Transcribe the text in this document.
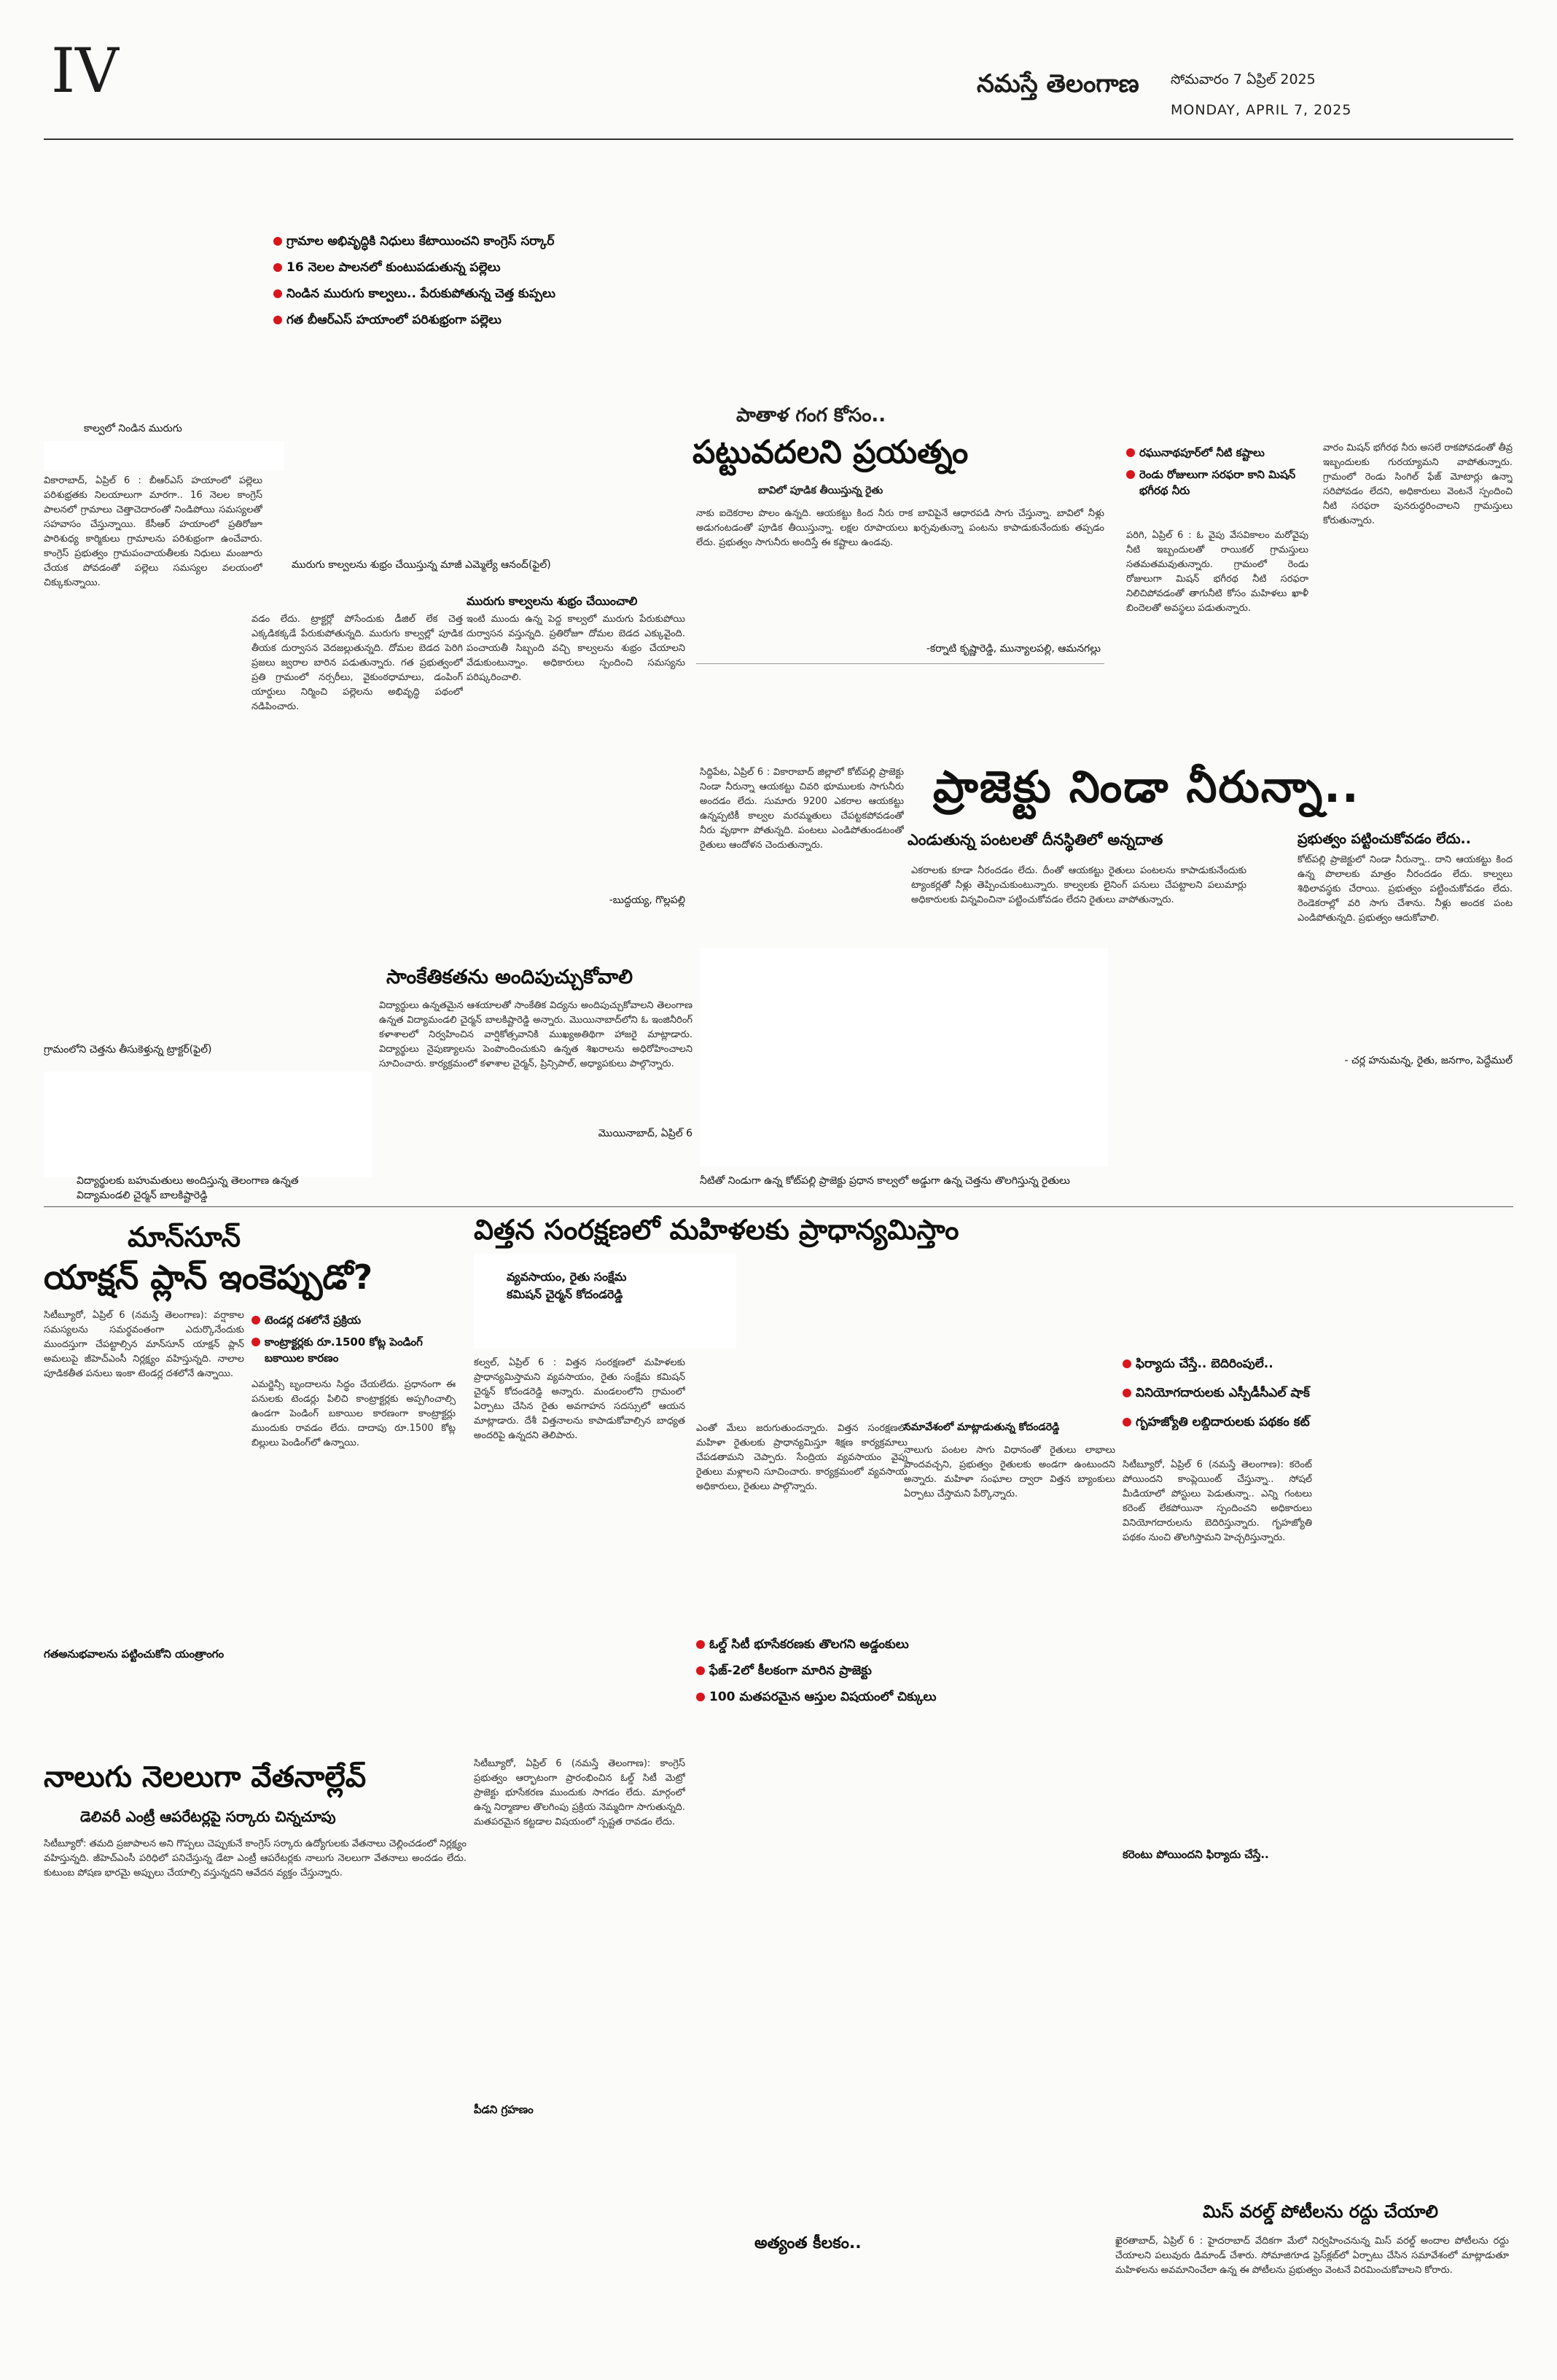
IV	నమస్తే తెలంగాణ సోమవారం 7 ఏప్రిల్ 2025
MONDAY, APRIL 7, 2025
గ్రామాల అభివృద్ధికి నిధులు కేటాయించని కాంగ్రెస్ సర్కార్
16 నెలల పాలనలో కుంటుపడుతున్న పల్లెలు
నిండిన మురుగు కాల్వలు.. పేరుకుపోతున్న చెత్త కుప్పలు
గత బీఆర్ఎస్ హయాంలో పరిశుభ్రంగా పల్లెలు
కాల్వలో నిండిన మురుగు
వికారాబాద్, ఏప్రిల్ 6 : బీఆర్ఎస్ హయాంలో పల్లెలు పరిశుభ్రతకు నిలయాలుగా మారగా.. 16 నెలల కాంగ్రెస్ పాలనలో గ్రామాలు చెత్తాచెదారంతో నిండిపోయి సమస్యలతో సహవాసం చేస్తున్నాయి. కేసీఆర్ హయాంలో ప్రతిరోజూ పారిశుధ్య కార్మికులు గ్రామాలను పరిశుభ్రంగా ఉంచేవారు. కాంగ్రెస్ ప్రభుత్వం గ్రామపంచాయతీలకు నిధులు మంజూరు చేయక పోవడంతో పల్లెలు సమస్యల వలయంలో చిక్కుకున్నాయి.
గ్రామంలోని చెత్తను తీసుకెళ్తున్న ట్రాక్టర్(ఫైల్)
మురుగు కాల్వలను శుభ్రం చేయిస్తున్న మాజీ ఎమ్మెల్యే ఆనంద్(ఫైల్)
వడం లేదు. ట్రాక్టర్లో పోసేందుకు డీజిల్ లేక చెత్త ఎక్కడికక్కడే పేరుకుపోతున్నది. మురుగు కాల్వల్లో పూడిక తీయక దుర్వాసన వెదజల్లుతున్నది. దోమల బెడద పెరిగి ప్రజలు జ్వరాల బారిన పడుతున్నారు. గత ప్రభుత్వంలో ప్రతి గ్రామంలో నర్సరీలు, వైకుంఠధామాలు, డంపింగ్ యార్డులు నిర్మించి పల్లెలను అభివృద్ధి పథంలో నడిపించారు.
మురుగు కాల్వలను శుభ్రం చేయించాలి
ఇంటి ముందు ఉన్న పెద్ద కాల్వలో మురుగు పేరుకుపోయి దుర్వాసన వస్తున్నది. ప్రతిరోజూ దోమల బెడద ఎక్కువైంది. పంచాయతీ సిబ్బంది వచ్చి కాల్వలను శుభ్రం చేయాలని వేడుకుంటున్నాం. అధికారులు స్పందించి సమస్యను పరిష్కరించాలి.
-బుద్ధయ్య, గొల్లపల్లి
పాతాళ గంగ కోసం..
పట్టువదలని ప్రయత్నం
బావిలో పూడిక తీయిస్తున్న రైతు
నాకు ఐదెకరాల పొలం ఉన్నది. ఆయకట్టు కింద నీరు రాక బావిపైనే ఆధారపడి సాగు చేస్తున్నా. బావిలో నీళ్లు అడుగంటడంతో పూడిక తీయిస్తున్నా. లక్షల రూపాయలు ఖర్చవుతున్నా పంటను కాపాడుకునేందుకు తప్పడం లేదు. ప్రభుత్వం సాగునీరు అందిస్తే ఈ కష్టాలు ఉండవు.
-కర్నాటి కృష్ణారెడ్డి, మున్యాలపల్లి, ఆమనగల్లు
రఘునాథపూర్‌లో నీటి కష్టాలు
రెండు రోజులుగా సరఫరా కాని మిషన్ భగీరథ నీరు
పరిగి, ఏప్రిల్ 6 : ఓ వైపు వేసవికాలం మరోవైపు నీటి ఇబ్బందులతో రాయికల్ గ్రామస్తులు సతమతమవుతున్నారు. గ్రామంలో రెండు రోజులుగా మిషన్ భగీరథ నీటి సరఫరా నిలిచిపోవడంతో తాగునీటి కోసం మహిళలు ఖాళీ బిందెలతో అవస్థలు పడుతున్నారు.
వారం మిషన్ భగీరథ నీరు అసలే రాకపోవడంతో తీవ్ర ఇబ్బందులకు గురయ్యామని వాపోతున్నారు. గ్రామంలో రెండు సింగిల్ ఫేజ్ మోటార్లు ఉన్నా సరిపోవడం లేదని, అధికారులు వెంటనే స్పందించి నీటి సరఫరా పునరుద్ధరించాలని గ్రామస్తులు కోరుతున్నారు.
ప్రాజెక్టు నిండా నీరున్నా..
ఎండుతున్న పంటలతో దీనస్థితిలో అన్నదాత
సిద్దిపేట, ఏప్రిల్ 6 : వికారాబాద్ జిల్లాలో కోట్‌పల్లి ప్రాజెక్టు నిండా నీరున్నా ఆయకట్టు చివరి భూములకు సాగునీరు అందడం లేదు. సుమారు 9200 ఎకరాల ఆయకట్టు ఉన్నప్పటికీ కాల్వల మరమ్మతులు చేపట్టకపోవడంతో నీరు వృథాగా పోతున్నది. పంటలు ఎండిపోతుండటంతో రైతులు ఆందోళన చెందుతున్నారు.
ఎకరాలకు కూడా నీరందడం లేదు. దీంతో ఆయకట్టు రైతులు పంటలను కాపాడుకునేందుకు ట్యాంకర్లతో నీళ్లు తెప్పించుకుంటున్నారు. కాల్వలకు లైనింగ్ పనులు చేపట్టాలని పలుమార్లు అధికారులకు విన్నవించినా పట్టించుకోవడం లేదని రైతులు వాపోతున్నారు.
ప్రభుత్వం పట్టించుకోవడం లేదు..
కోట్‌పల్లి ప్రాజెక్టులో నిండా నీరున్నా.. దాని ఆయకట్టు కింద ఉన్న పొలాలకు మాత్రం నీరందడం లేదు. కాల్వలు శిథిలావస్థకు చేరాయి. ప్రభుత్వం పట్టించుకోవడం లేదు. రెండెకరాల్లో వరి సాగు చేశాను. నీళ్లు అందక పంట ఎండిపోతున్నది. ప్రభుత్వం ఆదుకోవాలి.
- చర్ల హనుమన్న, రైతు, జనగాం, పెద్దేముల్
నీటితో నిండుగా ఉన్న కోట్‌పల్లి ప్రాజెక్టు ప్రధాన కాల్వలో అడ్డుగా ఉన్న చెత్తను తొలగిస్తున్న రైతులు
సాంకేతికతను అందిపుచ్చుకోవాలి
విద్యార్థులు ఉన్నతమైన ఆశయాలతో సాంకేతిక విద్యను అందిపుచ్చుకోవాలని తెలంగాణ ఉన్నత విద్యామండలి చైర్మన్ బాలకిష్టారెడ్డి అన్నారు. మొయినాబాద్‌లోని ఓ ఇంజినీరింగ్ కళాశాలలో నిర్వహించిన వార్షికోత్సవానికి ముఖ్యఅతిథిగా హాజరై మాట్లాడారు. విద్యార్థులు నైపుణ్యాలను పెంపొందించుకుని ఉన్నత శిఖరాలను అధిరోహించాలని సూచించారు. కార్యక్రమంలో కళాశాల చైర్మన్, ప్రిన్సిపాల్, అధ్యాపకులు పాల్గొన్నారు.
మొయినాబాద్, ఏప్రిల్ 6
విద్యార్థులకు బహుమతులు అందిస్తున్న తెలంగాణ ఉన్నత విద్యామండలి చైర్మన్ బాలకిష్టారెడ్డి
మాన్‌సూన్
యాక్షన్ ప్లాన్ ఇంకెప్పుడో?
టెండర్ల దశలోనే ప్రక్రియ
కాంట్రాక్టర్లకు రూ.1500 కోట్ల పెండింగ్ బకాయిల కారణం
సిటీబ్యూరో, ఏప్రిల్ 6 (నమస్తే తెలంగాణ): వర్షాకాల సమస్యలను సమర్థవంతంగా ఎదుర్కొనేందుకు ముందస్తుగా చేపట్టాల్సిన మాన్‌సూన్ యాక్షన్ ప్లాన్ అమలుపై జీహెచ్ఎంసీ నిర్లక్ష్యం వహిస్తున్నది. నాలాల పూడికతీత పనులు ఇంకా టెండర్ల దశలోనే ఉన్నాయి.
ఎమర్జెన్సీ బృందాలను సిద్ధం చేయలేదు. ప్రధానంగా ఈ పనులకు టెండర్లు పిలిచి కాంట్రాక్టర్లకు అప్పగించాల్సి ఉండగా పెండింగ్ బకాయిల కారణంగా కాంట్రాక్టర్లు ముందుకు రావడం లేదు. దాదాపు రూ.1500 కోట్ల బిల్లులు పెండింగ్‌లో ఉన్నాయి.
గతఅనుభవాలను పట్టించుకోని యంత్రాంగం
విత్తన సంరక్షణలో మహిళలకు ప్రాధాన్యమిస్తాం
వ్యవసాయం, రైతు సంక్షేమ కమిషన్ చైర్మన్ కోదండరెడ్డి
కల్వల్, ఏప్రిల్ 6 : విత్తన సంరక్షణలో మహిళలకు ప్రాధాన్యమిస్తామని వ్యవసాయం, రైతు సంక్షేమ కమిషన్ చైర్మన్ కోదండరెడ్డి అన్నారు. మండలంలోని గ్రామంలో ఏర్పాటు చేసిన రైతు అవగాహన సదస్సులో ఆయన మాట్లాడారు. దేశీ విత్తనాలను కాపాడుకోవాల్సిన బాధ్యత అందరిపై ఉన్నదని తెలిపారు.
ఎంతో మేలు జరుగుతుందన్నారు. విత్తన సంరక్షణలో మహిళా రైతులకు ప్రాధాన్యమిస్తూ శిక్షణ కార్యక్రమాలు చేపడతామని చెప్పారు. సేంద్రియ వ్యవసాయం వైపు రైతులు మళ్లాలని సూచించారు. కార్యక్రమంలో వ్యవసాయ అధికారులు, రైతులు పాల్గొన్నారు.
సమావేశంలో మాట్లాడుతున్న కోదండరెడ్డి
నాలుగు పంటల సాగు విధానంతో రైతులు లాభాలు పొందవచ్చని, ప్రభుత్వం రైతులకు అండగా ఉంటుందని అన్నారు. మహిళా సంఘాల ద్వారా విత్తన బ్యాంకులు ఏర్పాటు చేస్తామని పేర్కొన్నారు.
ఓల్డ్ సిటీ భూసేకరణకు తొలగని అడ్డంకులు
ఫేజ్-2లో కీలకంగా మారిన ప్రాజెక్టు
100 మతపరమైన ఆస్తుల విషయంలో చిక్కులు
సిటీబ్యూరో, ఏప్రిల్ 6 (నమస్తే తెలంగాణ): కాంగ్రెస్ ప్రభుత్వం ఆర్భాటంగా ప్రారంభించిన ఓల్డ్ సిటీ మెట్రో ప్రాజెక్టు భూసేకరణ ముందుకు సాగడం లేదు. మార్గంలో ఉన్న నిర్మాణాల తొలగింపు ప్రక్రియ నెమ్మదిగా సాగుతున్నది. మతపరమైన కట్టడాల విషయంలో స్పష్టత రావడం లేదు.
పీడని గ్రహణం
అత్యంత కీలకం..
ఫిర్యాదు చేస్తే.. బెదిరింపులే..
వినియోగదారులకు ఎస్పీడీసీఎల్ షాక్
గృహజ్యోతి లబ్ధిదారులకు పథకం కట్
సిటీబ్యూరో, ఏప్రిల్ 6 (నమస్తే తెలంగాణ): కరెంట్ పోయిందని కాంప్లెయింట్ చేస్తున్నా.. సోషల్ మీడియాలో పోస్టులు పెడుతున్నా.. ఎన్ని గంటలు కరెంట్ లేకపోయినా స్పందించని అధికారులు వినియోగదారులను బెదిరిస్తున్నారు. గృహజ్యోతి పథకం నుంచి తొలగిస్తామని హెచ్చరిస్తున్నారు.
కరెంటు పోయిందని ఫిర్యాదు చేస్తే..
నాలుగు నెలలుగా వేతనాల్లేవ్
డెలివరీ ఎంట్రీ ఆపరేటర్లపై సర్కారు చిన్నచూపు
సిటీబ్యూరో: తమది ప్రజాపాలన అని గొప్పలు చెప్పుకునే కాంగ్రెస్ సర్కారు ఉద్యోగులకు వేతనాలు చెల్లించడంలో నిర్లక్ష్యం వహిస్తున్నది. జీహెచ్ఎంసీ పరిధిలో పనిచేస్తున్న డేటా ఎంట్రీ ఆపరేటర్లకు నాలుగు నెలలుగా వేతనాలు అందడం లేదు. కుటుంబ పోషణ భారమై అప్పులు చేయాల్సి వస్తున్నదని ఆవేదన వ్యక్తం చేస్తున్నారు.
మిస్ వరల్డ్ పోటీలను రద్దు చేయాలి
ఖైరతాబాద్, ఏప్రిల్ 6 : హైదరాబాద్ వేదికగా మేలో నిర్వహించనున్న మిస్ వరల్డ్ అందాల పోటీలను రద్దు చేయాలని పలువురు డిమాండ్ చేశారు. సోమాజిగూడ ప్రెస్‌క్లబ్‌లో ఏర్పాటు చేసిన సమావేశంలో మాట్లాడుతూ మహిళలను అవమానించేలా ఉన్న ఈ పోటీలను ప్రభుత్వం వెంటనే విరమించుకోవాలని కోరారు.
